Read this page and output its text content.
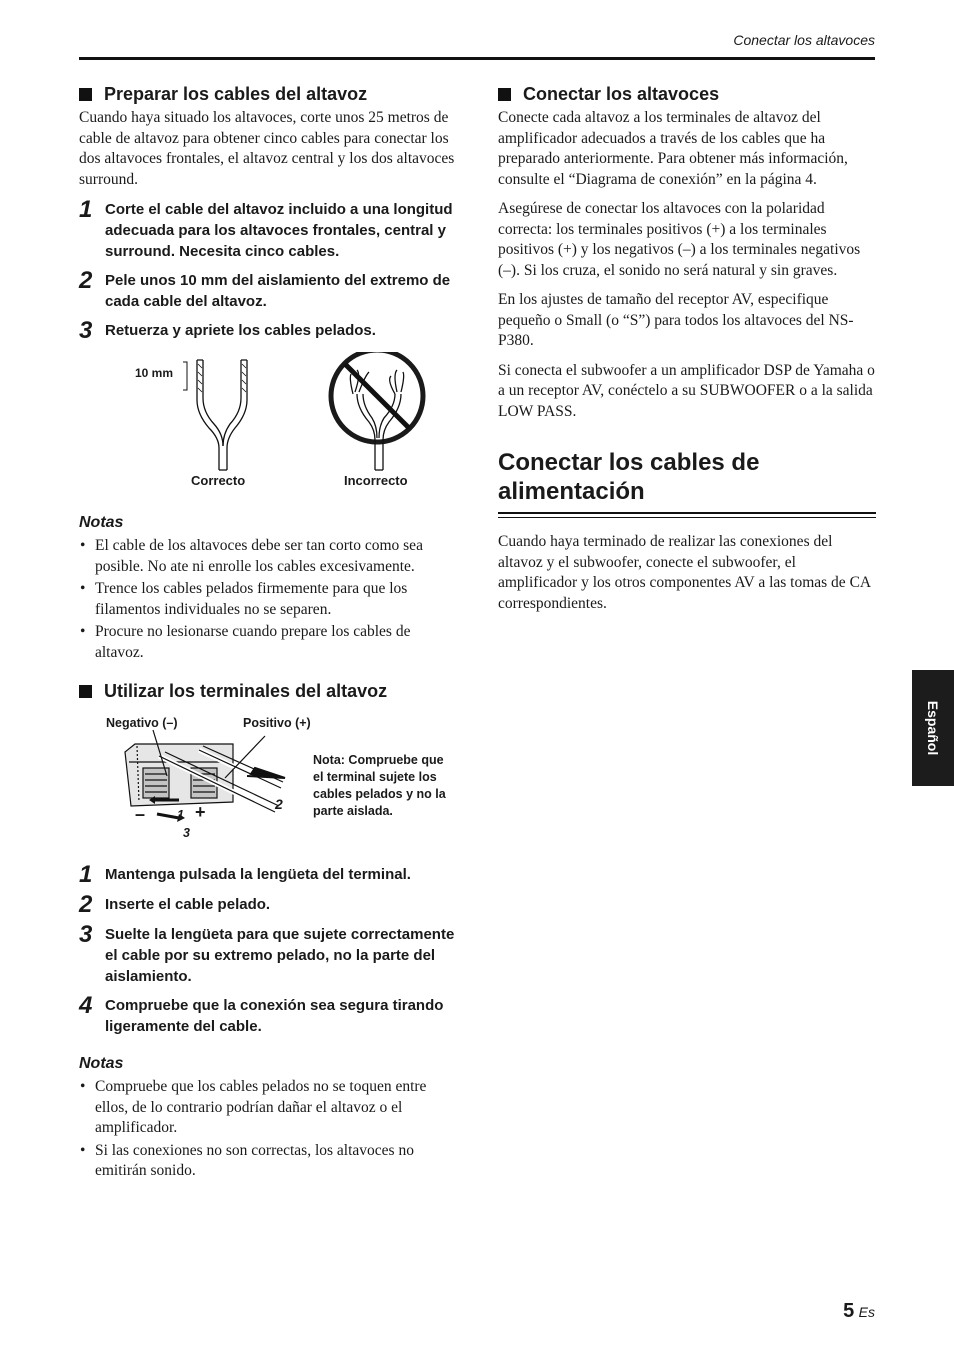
Conectar los altavoces
Preparar los cables del altavoz

Cuando haya situado los altavoces, corte unos 25 metros de cable de altavoz para obtener cinco cables para conectar los dos altavoces frontales, el altavoz central y los dos altavoces surround.

1 Corte el cable del altavoz incluido a una longitud adecuada para los altavoces frontales, central y surround. Necesita cinco cables.
2 Pele unos 10 mm del aislamiento del extremo de cada cable del altavoz.
3 Retuerza y apriete los cables pelados.
10 mm
Correcto	Incorrecto
Notas
• El cable de los altavoces debe ser tan corto como sea posible. No ate ni enrolle los cables excesivamente.
• Trence los cables pelados firmemente para que los filamentos individuales no se separen.
• Procure no lesionarse cuando prepare los cables de altavoz.
Utilizar los terminales del altavoz
Negativo (–)	Positivo (+)
–	1 +	2
3
Nota: Compruebe que el terminal sujete los cables pelados y no la parte aislada.
1 Mantenga pulsada la lengüeta del terminal.
2 Inserte el cable pelado.
3 Suelte la lengüeta para que sujete correctamente el cable por su extremo pelado, no la parte del aislamiento.
4 Compruebe que la conexión sea segura tirando ligeramente del cable.
Notas
• Compruebe que los cables pelados no se toquen entre ellos, de lo contrario podrían dañar el altavoz o el amplificador.
• Si las conexiones no son correctas, los altavoces no emitirán sonido.
Conectar los altavoces

Conecte cada altavoz a los terminales de altavoz del amplificador adecuados a través de los cables que ha preparado anteriormente. Para obtener más información, consulte el “Diagrama de conexión” en la página 4.

Asegúrese de conectar los altavoces con la polaridad correcta: los terminales positivos (+) a los terminales positivos (+) y los negativos (–) a los terminales negativos (–). Si los cruza, el sonido no será natural y sin graves.

En los ajustes de tamaño del receptor AV, especifique pequeño o Small (o “S”) para todos los altavoces del NS-P380.

Si conecta el subwoofer a un amplificador DSP de Yamaha o a un receptor AV, conéctelo a su SUBWOOFER o a la salida LOW PASS.

Conectar los cables de alimentación

Cuando haya terminado de realizar las conexiones del altavoz y el subwoofer, conecte el subwoofer, el amplificador y los otros componentes AV a las tomas de CA correspondientes.

Español
5 Es
